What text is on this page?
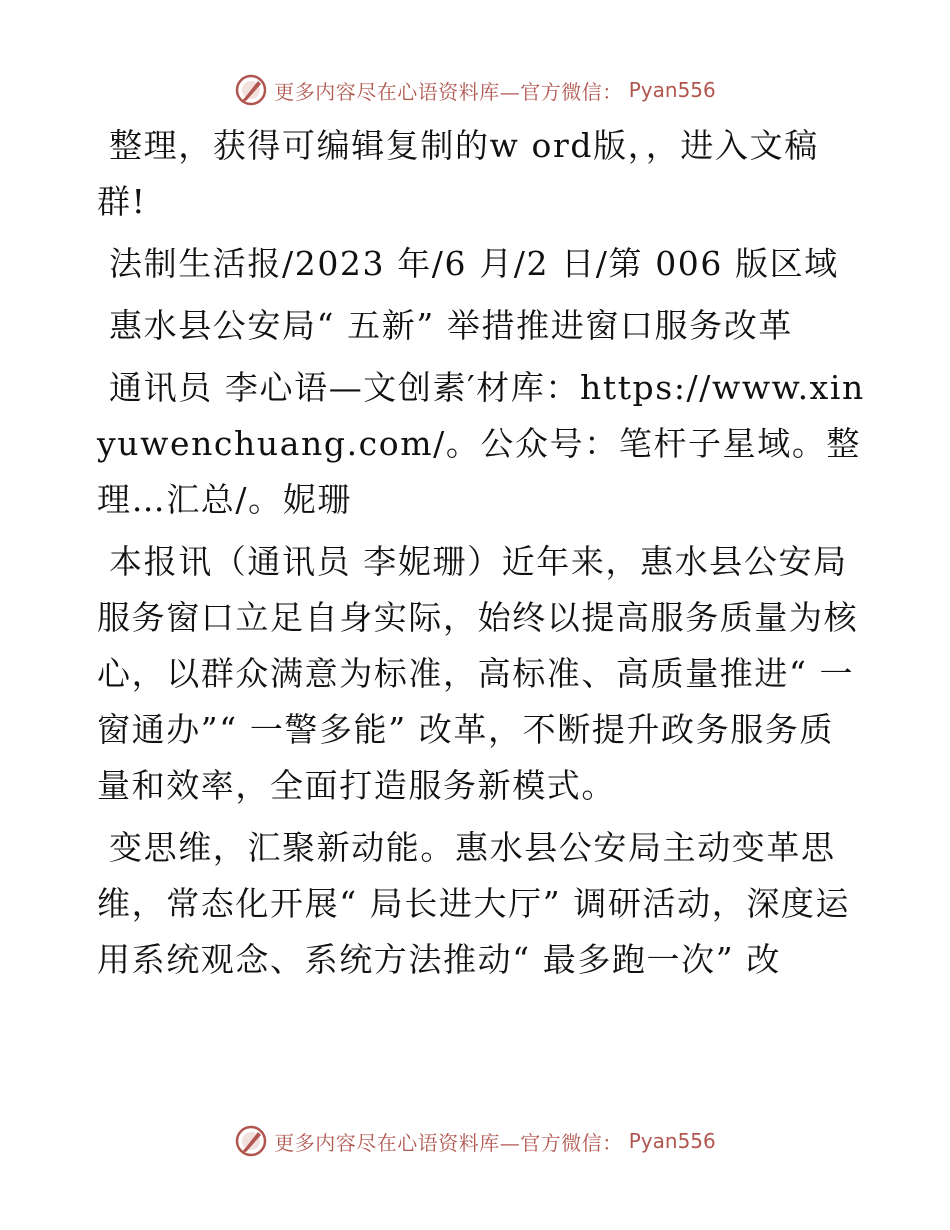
更多内容尽在心语资料库—官方微信： Pyan556

整理，获得可编辑复制的w ord版，，进入文稿群!

法制生活报/2023 年/6 月/2 日/第 006 版区域

惠水县公安局“ 五新” 举措推进窗口服务改革

通讯员 李心语—文创素′材库：https://www.xinyuwenchuang.com/。公众号：笔杆子星域。整理…汇总/。妮珊

本报讯（通讯员 李妮珊）近年来，惠水县公安局服务窗口立足自身实际，始终以提高服务质量为核心，以群众满意为标准，高标准、高质量推进“ 一窗通办”“ 一警多能” 改革，不断提升政务服务质量和效率，全面打造服务新模式。

变思维，汇聚新动能。惠水县公安局主动变革思维，常态化开展“ 局长进大厅” 调研活动，深度运用系统观念、系统方法推动“ 最多跑一次” 改

更多内容尽在心语资料库—官方微信： Pyan556
